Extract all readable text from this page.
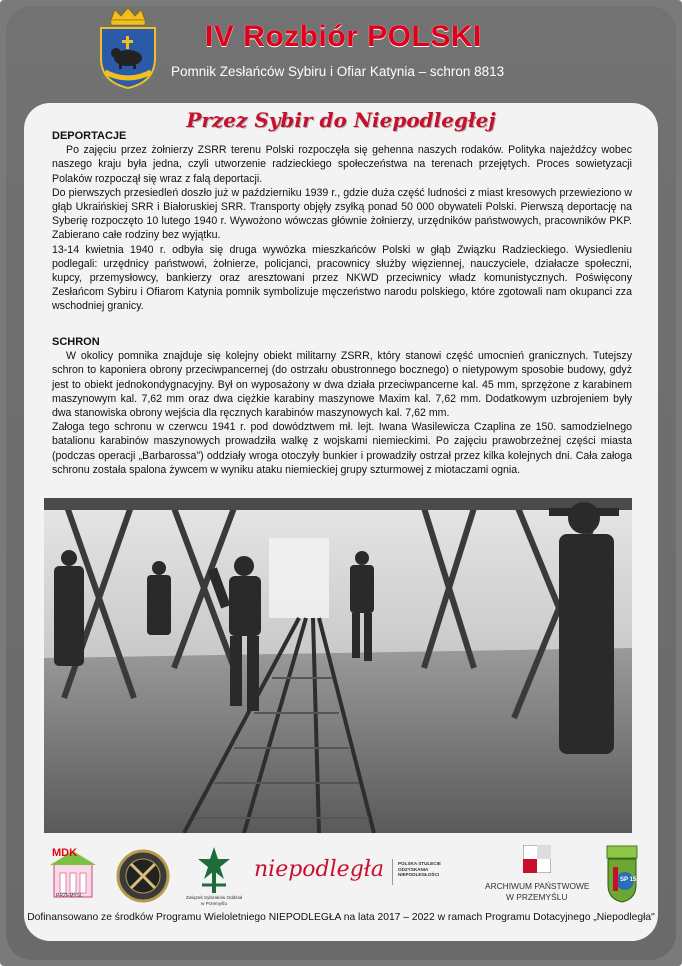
IV Rozbiór POLSKI
Pomnik Zesłańców Sybiru i Ofiar Katynia – schron 8813
Przez Sybir do Niepodległej
DEPORTACJE
Po zajęciu przez żołnierzy ZSRR terenu Polski rozpoczęła się gehenna naszych rodaków. Polityka najeźdźcy wobec naszego kraju była jedna, czyli utworzenie radzieckiego społeczeństwa na terenach przejętych. Proces sowietyzacji Polaków rozpoczął się wraz z falą deportacji.
Do pierwszych przesiedleń doszło już w październiku 1939 r., gdzie duża część ludności z miast kresowych przewieziono w głąb Ukraińskiej SRR i Białoruskiej SRR. Transporty objęły zsyłką ponad 50 000 obywateli Polski. Pierwszą deportację na Syberię rozpoczęto 10 lutego 1940 r. Wywożono wówczas głównie żołnierzy, urzędników państwowych, pracowników PKP. Zabierano całe rodziny bez wyjątku.
13-14 kwietnia 1940 r. odbyła się druga wywózka mieszkańców Polski w głąb Związku Radzieckiego. Wysiedleniu podlegali: urzędnicy państwowi, żołnierze, policjanci, pracownicy służby więziennej, nauczyciele, działacze społeczni, kupcy, przemysłowcy, bankierzy oraz aresztowani przez NKWD przeciwnicy władz komunistycznych. Poświęcony Zesłańcom Sybiru i Ofiarom Katynia pomnik symbolizuje męczeństwo narodu polskiego, które zgotowali nam okupanci zza wschodniej granicy.
SCHRON
W okolicy pomnika znajduje się kolejny obiekt militarny ZSRR, który stanowi część umocnień granicznych. Tutejszy schron to kaponiera obrony przeciwpancernej (do ostrzału obustronnego bocznego) o nietypowym sposobie budowy, gdyż jest to obiekt jednokondygnacyjny. Był on wyposażony w dwa działa przeciwpancerne kal. 45 mm, sprzężone z karabinem maszynowym kal. 7,62 mm oraz dwa ciężkie karabiny maszynowe Maxim kal. 7,62 mm. Dodatkowym uzbrojeniem były dwa stanowiska obrony wejścia dla ręcznych karabinów maszynowych kal. 7,62 mm.
Załoga tego schronu w czerwcu 1941 r. pod dowództwem mł. lejt. Iwana Wasilewicza Czaplina ze 150. samodzielnego batalionu karabinów maszynowych prowadziła walkę z wojskami niemieckimi. Po zajęciu prawobrzeżnej części miasta (podczas operacji „Barbarossa") oddziały wroga otoczyły bunkier i prowadziły ostrzał przez kilka kolejnych dni. Cała załoga schronu została spalona żywcem w wyniku ataku niemieckiej grupy szturmowej z miotaczami ognia.
MDK
PRZEMYŚL	Związek Sybiraków Oddział w Przemyślu
niepodległa	POLSKA STULECIE ODZYSKANIA NIEPODLEGŁOŚCI
ARCHIWUM PAŃSTWOWE
W PRZEMYŚLU
SP 15
Dofinansowano ze środków Programu Wieloletniego NIEPODLEGŁA na lata 2017 – 2022 w ramach Programu Dotacyjnego „Niepodległa"
